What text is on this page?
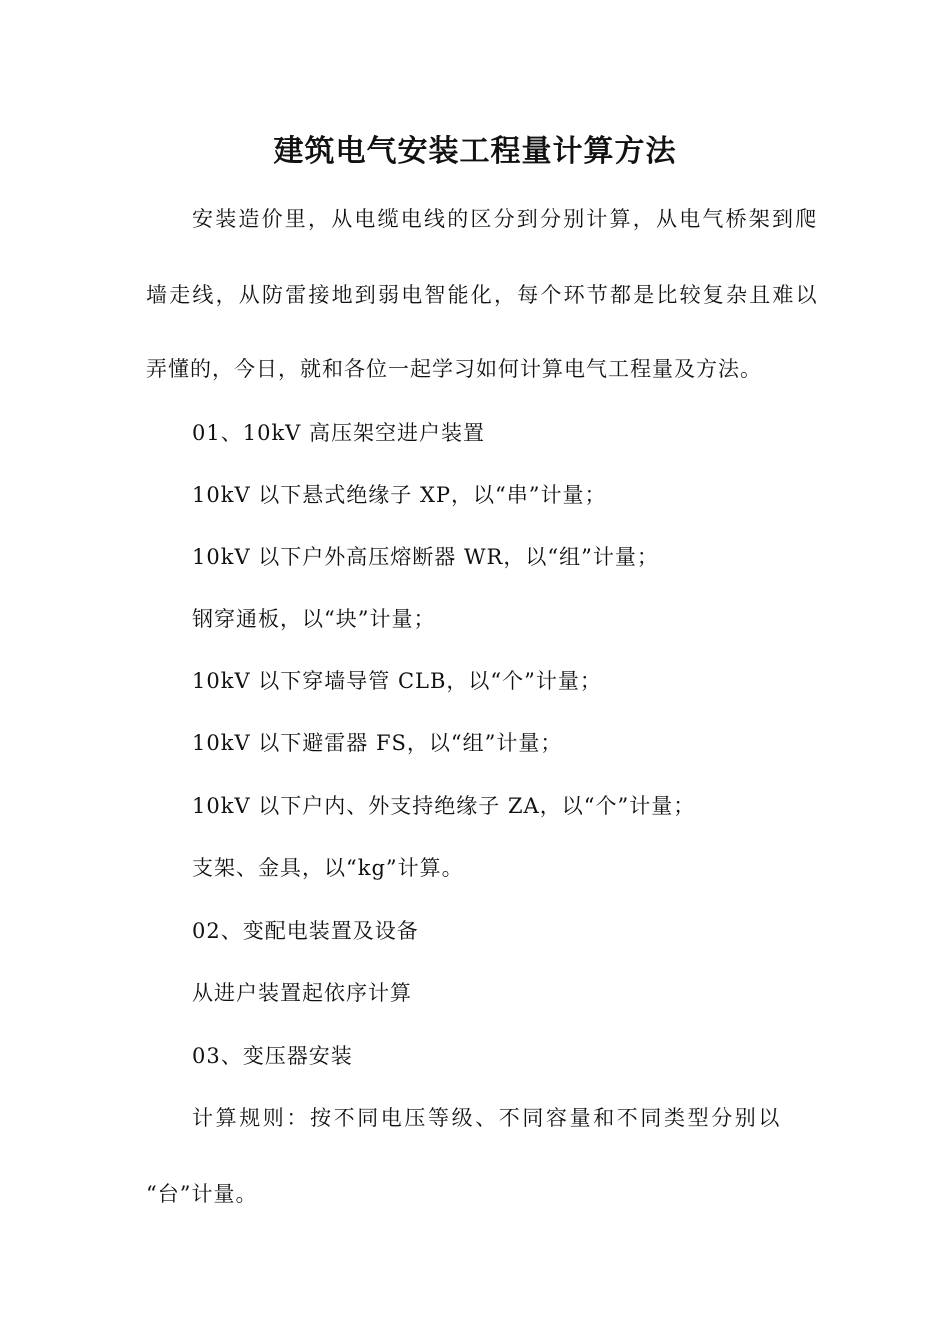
建筑电气安装工程量计算方法
安装造价里，从电缆电线的区分到分别计算，从电气桥架到爬
墙走线，从防雷接地到弱电智能化，每个环节都是比较复杂且难以
弄懂的，今日，就和各位一起学习如何计算电气工程量及方法。
01、10kV 高压架空进户装置
10kV 以下悬式绝缘子 XP，以“串”计量；
10kV 以下户外高压熔断器 WR，以“组”计量；
钢穿通板，以“块”计量；
10kV 以下穿墙导管 CLB，以“个”计量；
10kV 以下避雷器 FS，以“组”计量；
10kV 以下户内、外支持绝缘子 ZA，以“个”计量；
支架、金具，以“kg”计算。
02、变配电装置及设备
从进户装置起依序计算
03、变压器安装
计算规则：按不同电压等级、不同容量和不同类型分别以
“台”计量。
